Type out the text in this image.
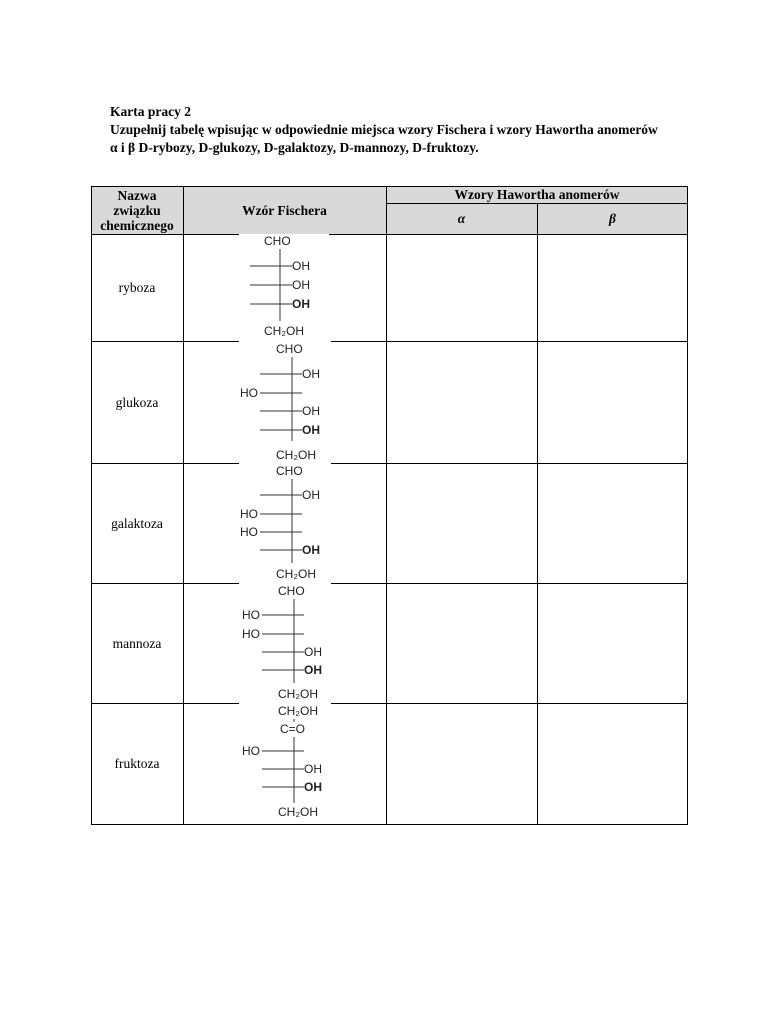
Karta pracy 2
Uzupełnij tabelę wpisując w odpowiednie miejsca wzory Fischera i wzory Hawortha anomerów
α i β D-rybozy, D-glukozy, D-galaktozy, D-mannozy, D-fruktozy.
Nazwa
związku
chemicznego
Wzór Fischera
Wzory Hawortha anomerów
α	β
ryboza
glukoza
galaktoza
mannoza
fruktoza
CHO
OH
OH
OH
CH₂OH
CHO
OH
HO
OH
OH
CH₂OH
CHO
OH
HO
HO
OH
CH₂OH
CHO
HO
HO
OH
OH
CH₂OH
CH₂OH
C=O
HO
OH
OH
CH₂OH
